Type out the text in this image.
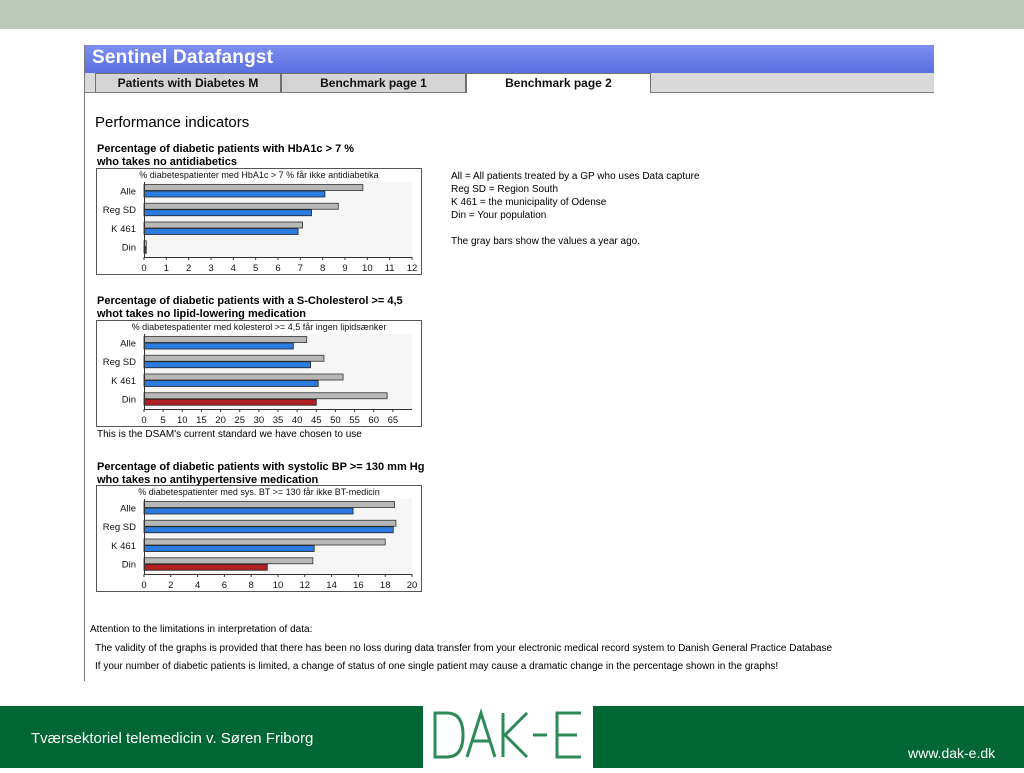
Sentinel Datafangst
Patients with Diabetes M	Benchmark page 1	Benchmark page 2
Performance indicators
Percentage of diabetic patients with HbA1c > 7 %
who takes no antidiabetics
% diabetespatienter med HbA1c > 7 % får ikke antidiabetika
Alle
Reg SD
K 461
Din
0 1 2 3 4 5 6 7 8 9 10 11 12
All = All patients treated by a GP who uses Data capture
Reg SD = Region South
K 461 = the municipality of Odense
Din = Your population
The gray bars show the values a year ago.
Percentage of diabetic patients with a S-Cholesterol >= 4,5
whot takes no lipid-lowering medication
% diabetespatienter med kolesterol >= 4,5 får ingen lipidsænker
Alle
Reg SD
K 461
Din
0 5 10 15 20 25 30 35 40 45 50 55 60 65
This is the DSAM's current standard we have chosen to use
Percentage of diabetic patients with systolic BP >= 130 mm Hg
who takes no antihypertensive medication
% diabetespatienter med sys. BT >= 130 får ikke BT-medicin
Alle
Reg SD
K 461
Din
0 2 4 6 8 10 12 14 16 18 20
Attention to the limitations in interpretation of data:
The validity of the graphs is provided that there has been no loss during data transfer from your electronic medical record system to Danish General Practice Database
If your number of diabetic patients is limited, a change of status of one single patient may cause a dramatic change in the percentage shown in the graphs!
Tværsektoriel telemedicin v. Søren Friborg
www.dak-e.dk
